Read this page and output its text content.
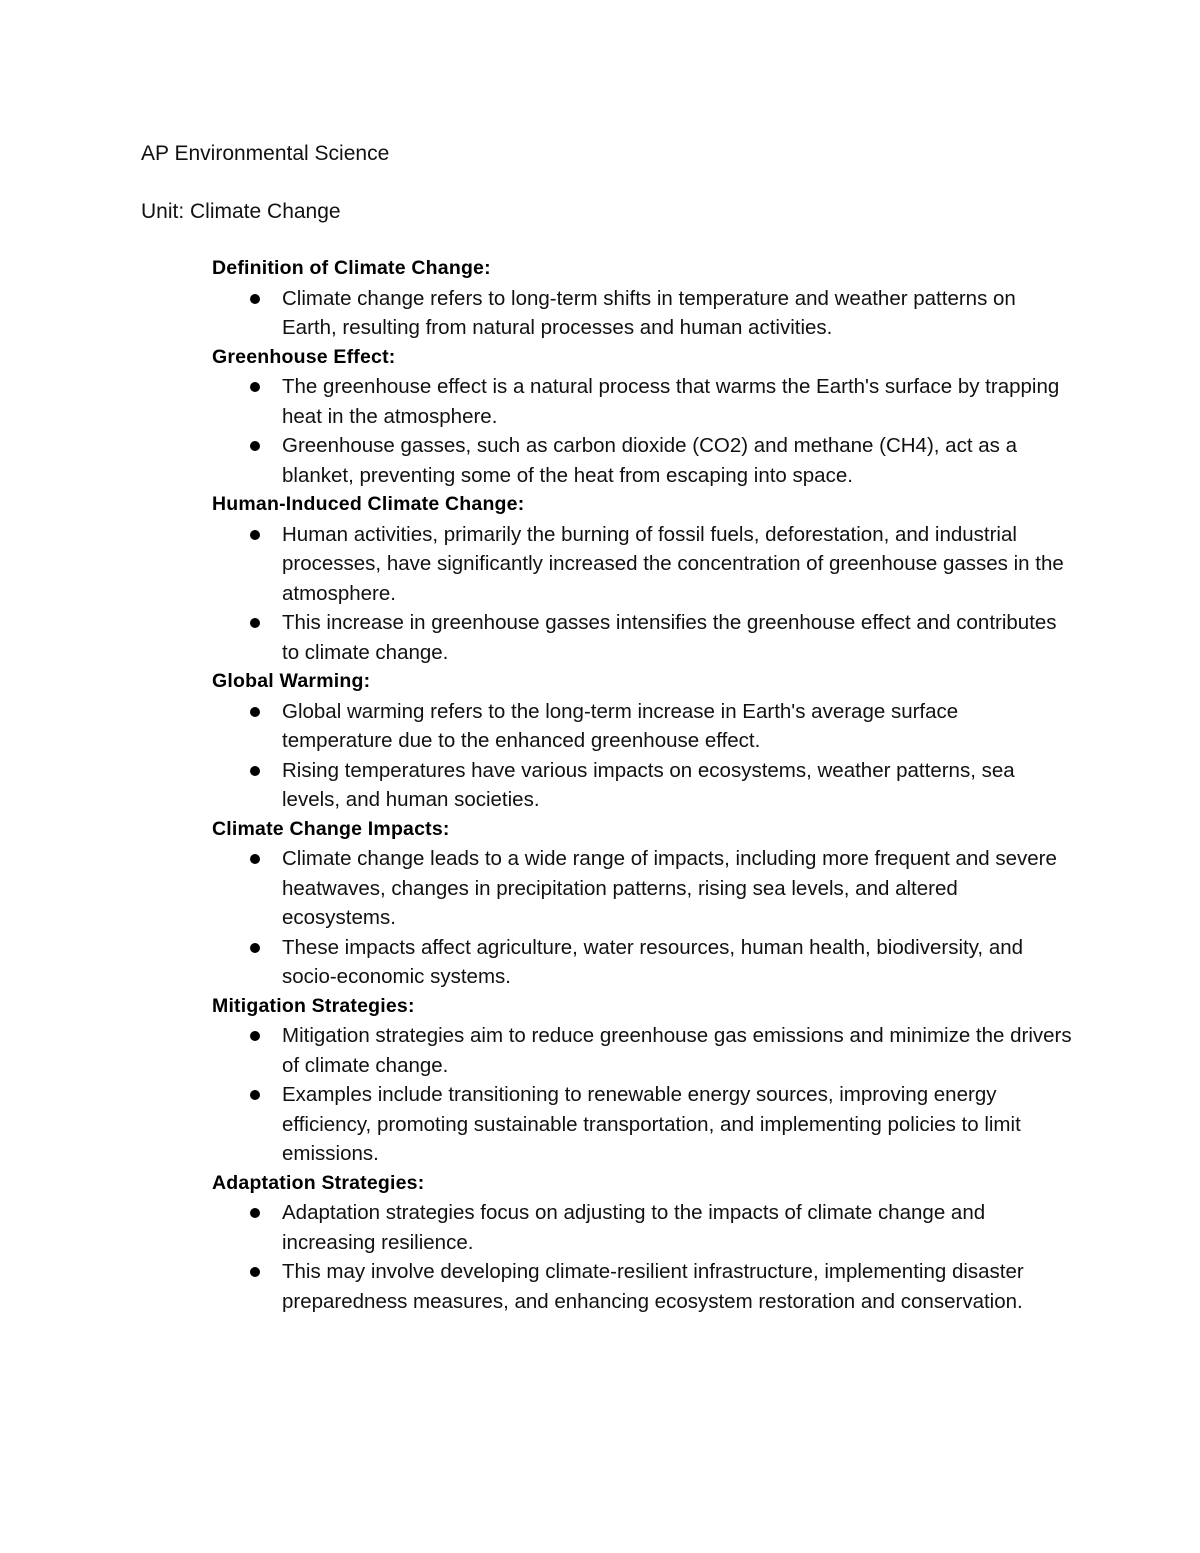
AP Environmental Science

Unit: Climate Change

Definition of Climate Change:

Climate change refers to long-term shifts in temperature and weather patterns on Earth, resulting from natural processes and human activities.

Greenhouse Effect:

The greenhouse effect is a natural process that warms the Earth's surface by trapping heat in the atmosphere.
Greenhouse gasses, such as carbon dioxide (CO2) and methane (CH4), act as a blanket, preventing some of the heat from escaping into space.

Human-Induced Climate Change:

Human activities, primarily the burning of fossil fuels, deforestation, and industrial processes, have significantly increased the concentration of greenhouse gasses in the atmosphere.
This increase in greenhouse gasses intensifies the greenhouse effect and contributes to climate change.

Global Warming:

Global warming refers to the long-term increase in Earth's average surface temperature due to the enhanced greenhouse effect.
Rising temperatures have various impacts on ecosystems, weather patterns, sea levels, and human societies.

Climate Change Impacts:

Climate change leads to a wide range of impacts, including more frequent and severe heatwaves, changes in precipitation patterns, rising sea levels, and altered ecosystems.
These impacts affect agriculture, water resources, human health, biodiversity, and socio-economic systems.

Mitigation Strategies:

Mitigation strategies aim to reduce greenhouse gas emissions and minimize the drivers of climate change.
Examples include transitioning to renewable energy sources, improving energy efficiency, promoting sustainable transportation, and implementing policies to limit emissions.

Adaptation Strategies:

Adaptation strategies focus on adjusting to the impacts of climate change and increasing resilience.
This may involve developing climate-resilient infrastructure, implementing disaster preparedness measures, and enhancing ecosystem restoration and conservation.
